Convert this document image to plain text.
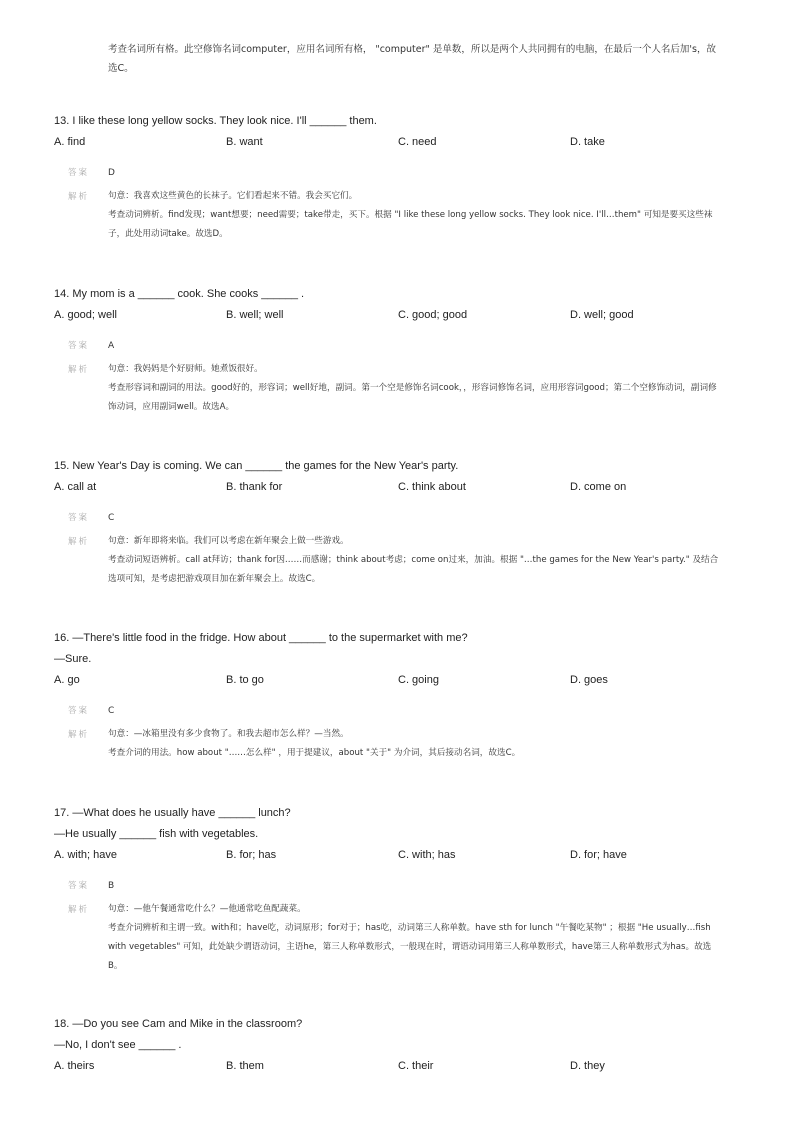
考查名词所有格。此空修饰名词computer，应用名词所有格， "computer" 是单数，所以是两个人共同拥有的电脑，在最后一个人名后加's，故选C。

13. I like these long yellow socks. They look nice. I'll ______ them.

A. find	B. want	C. need	D. take
答案 D
解析 句意：我喜欢这些黄色的长袜子。它们看起来不错。我会买它们。

考查动词辨析。find发现；want想要；need需要；take带走，买下。根据 "I like these long yellow socks. They look nice. I'll…them" 可知是要买这些袜子，此处用动词take。故选D。

14. My mom is a ______ cook. She cooks ______ .

A. good; well	B. well; well	C. good; good	D. well; good
答案 A
解析 句意：我妈妈是个好厨师。她煮饭很好。

考查形容词和副词的用法。good好的，形容词；well好地，副词。第一个空是修饰名词cook，，形容词修饰名词，应用形容词good；第二个空修饰动词，副词修饰动词，应用副词well。故选A。

15. New Year's Day is coming. We can ______ the games for the New Year's party.

A. call at	B. thank for	C. think about	D. come on
答案 C
解析 句意：新年即将来临。我们可以考虑在新年聚会上做一些游戏。

考查动词短语辨析。call at拜访；thank for因……而感谢；think about考虑；come on过来，加油。根据 "…the games for the New Year's party." 及结合选项可知，是考虑把游戏项目加在新年聚会上。故选C。

16. —There's little food in the fridge. How about ______ to the supermarket with me?

—Sure.

A. go	B. to go	C. going	D. goes
答案 C
解析 句意：—冰箱里没有多少食物了。和我去超市怎么样？—当然。

考查介词的用法。how about "……怎么样" ，用于提建议，about "关于" 为介词，其后接动名词，故选C。

17. —What does he usually have ______ lunch?

—He usually ______ fish with vegetables.

A. with; have	B. for; has	C. with; has	D. for; have
答案 B
解析 句意：—他午餐通常吃什么？—他通常吃鱼配蔬菜。

考查介词辨析和主谓一致。with和；have吃，动词原形；for对于；has吃，动词第三人称单数。have sth for lunch "午餐吃某物" ；根据 "He usually…fish with vegetables" 可知，此处缺少谓语动词，主语he，第三人称单数形式，一般现在时，谓语动词用第三人称单数形式，have第三人称单数形式为has。故选B。

18. —Do you see Cam and Mike in the classroom?

—No, I don't see ______ .

A. theirs	B. them	C. their	D. they
